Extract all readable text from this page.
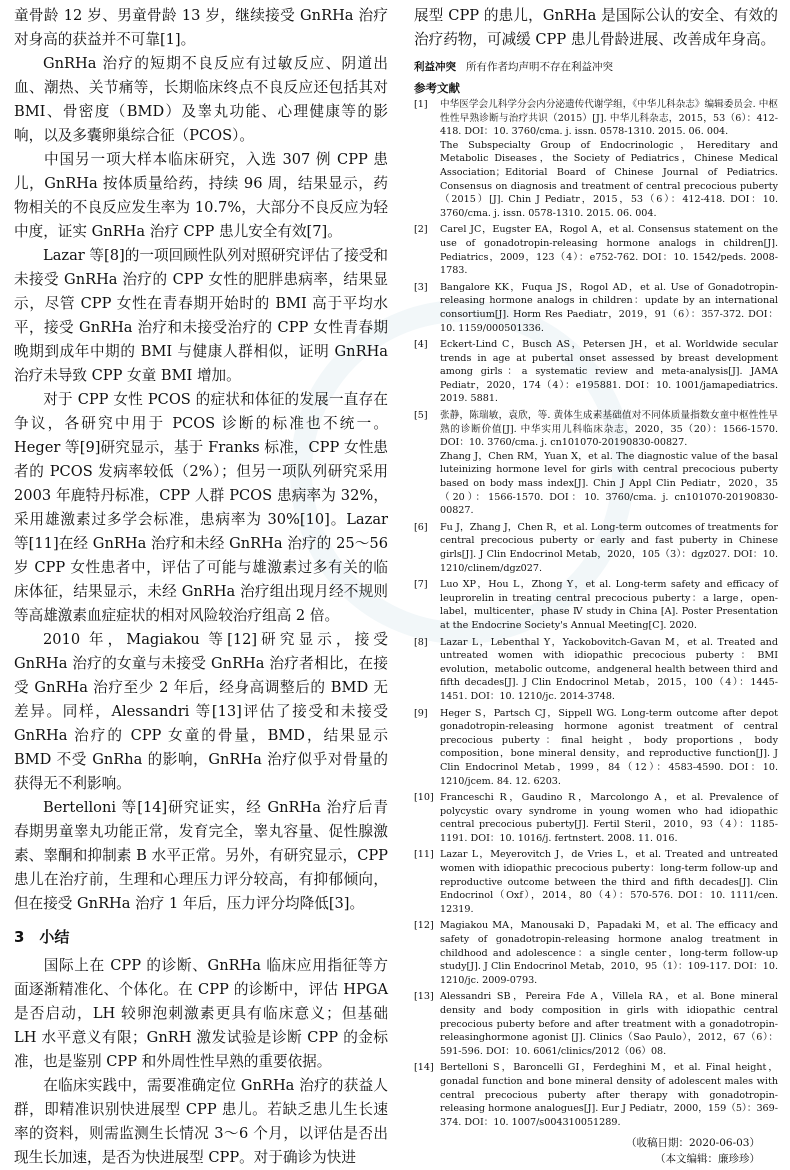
童骨龄 12 岁、男童骨龄 13 岁，继续接受 GnRHa 治疗对身高的获益并不可靠[1]。

GnRHa 治疗的短期不良反应有过敏反应、阴道出血、潮热、关节痛等，长期临床终点不良反应还包括其对 BMI、骨密度（BMD）及睾丸功能、心理健康等的影响，以及多囊卵巢综合征（PCOS）。

中国另一项大样本临床研究，入选 307 例 CPP 患儿，GnRHa 按体质量给药，持续 96 周，结果显示，药物相关的不良反应发生率为 10.7%，大部分不良反应为轻中度，证实 GnRHa 治疗 CPP 患儿安全有效[7]。

Lazar 等[8]的一项回顾性队列对照研究评估了接受和未接受 GnRHa 治疗的 CPP 女性的肥胖患病率，结果显示，尽管 CPP 女性在青春期开始时的 BMI 高于平均水平，接受 GnRHa 治疗和未接受治疗的 CPP 女性青春期晚期到成年中期的 BMI 与健康人群相似，证明 GnRHa 治疗未导致 CPP 女童 BMI 增加。

对于 CPP 女性 PCOS 的症状和体征的发展一直存在争议，各研究中用于 PCOS 诊断的标准也不统一。Heger 等[9]研究显示，基于 Franks 标准，CPP 女性患者的 PCOS 发病率较低（2%）；但另一项队列研究采用 2003 年鹿特丹标准，CPP 人群 PCOS 患病率为 32%，采用雄激素过多学会标准，患病率为 30%[10]。Lazar 等[11]在经 GnRHa 治疗和未经 GnRHa 治疗的 25～56 岁 CPP 女性患者中，评估了可能与雄激素过多有关的临床体征，结果显示，未经 GnRHa 治疗组出现月经不规则等高雄激素血症症状的相对风险较治疗组高 2 倍。

2010 年，Magiakou 等[12]研究显示，接受 GnRHa 治疗的女童与未接受 GnRHa 治疗者相比，在接受 GnRHa 治疗至少 2 年后，经身高调整后的 BMD 无差异。同样，Alessandri 等[13]评估了接受和未接受 GnRHa 治疗的 CPP 女童的骨量，BMD，结果显示 BMD 不受 GnRha 的影响，GnRHa 治疗似乎对骨量的获得无不利影响。

Bertelloni 等[14]研究证实，经 GnRHa 治疗后青春期男童睾丸功能正常，发育完全，睾丸容量、促性腺激素、睾酮和抑制素 B 水平正常。另外，有研究显示，CPP 患儿在治疗前，生理和心理压力评分较高，有抑郁倾向，但在接受 GnRHa 治疗 1 年后，压力评分均降低[3]。

3　小结

国际上在 CPP 的诊断、GnRHa 临床应用指征等方面逐渐精准化、个体化。在 CPP 的诊断中，评估 HPGA 是否启动，LH 较卵泡刺激素更具有临床意义；但基础 LH 水平意义有限；GnRH 激发试验是诊断 CPP 的金标准，也是鉴别 CPP 和外周性性早熟的重要依据。

在临床实践中，需要准确定位 GnRHa 治疗的获益人群，即精准识别快进展型 CPP 患儿。若缺乏患儿生长速率的资料，则需监测生长情况 3～6 个月，以评估是否出现生长加速，是否为快进展型 CPP。对于确诊为快进

展型 CPP 的患儿，GnRHa 是国际公认的安全、有效的治疗药物，可减缓 CPP 患儿骨龄进展、改善成年身高。

利益冲突 所有作者均声明不存在利益冲突
参考文献
[1]	中华医学会儿科学分会内分泌遗传代谢学组，《中华儿科杂志》编辑委员会. 中枢性性早熟诊断与治疗共识（2015）[J]. 中华儿科杂志，2015，53（6）：412-418. DOI：10. 3760/cma. j. issn. 0578-1310. 2015. 06. 004.

The Subspecialty Group of Endocrinologic，Hereditary and Metabolic Diseases，the Society of Pediatrics，Chinese Medical Association；Editorial Board of Chinese Journal of Pediatrics. Consensus on diagnosis and treatment of central precocious puberty（2015）[J]. Chin J Pediatr，2015，53（6）：412-418. DOI：10. 3760/cma. j. issn. 0578-1310. 2015. 06. 004.

[2]	Carel JC，Eugster EA，Rogol A，et al. Consensus statement on the use of gonadotropin-releasing hormone analogs in children[J]. Pediatrics，2009，123（4）：e752-762. DOI：10. 1542/peds. 2008-1783.

[3]	Bangalore KK，Fuqua JS，Rogol AD，et al. Use of Gonadotropin-releasing hormone analogs in children：update by an international consortium[J]. Horm Res Paediatr，2019，91（6）：357-372. DOI：10. 1159/000501336.

[4]	Eckert-Lind C，Busch AS，Petersen JH，et al. Worldwide secular trends in age at pubertal onset assessed by breast development among girls：a systematic review and meta-analysis[J]. JAMA Pediatr，2020，174（4）：e195881. DOI：10. 1001/jamapediatrics. 2019. 5881.

[5]	张静，陈瑞敏，袁欣，等. 黄体生成素基础值对不同体质量指数女童中枢性性早熟的诊断价值[J]. 中华实用儿科临床杂志，2020，35（20）：1566-1570. DOI：10. 3760/cma. j. cn101070-20190830-00827.

Zhang J，Chen RM，Yuan X，et al. The diagnostic value of the basal luteinizing hormone level for girls with central precocious puberty based on body mass index[J]. Chin J Appl Clin Pediatr，2020，35（20）：1566-1570. DOI：10. 3760/cma. j. cn101070-20190830-00827.

[6]	Fu J，Zhang J，Chen R，et al. Long-term outcomes of treatments for central precocious puberty or early and fast puberty in Chinese girls[J]. J Clin Endocrinol Metab，2020，105（3）：dgz027. DOI：10. 1210/clinem/dgz027.

[7]	Luo XP，Hou L，Zhong Y，et al. Long-term safety and efficacy of leuprorelin in treating central precocious puberty：a large，open-label，multicenter，phase Ⅳ study in China [A]. Poster Presentation at the Endocrine Society's Annual Meeting[C]. 2020.

[8]	Lazar L，Lebenthal Y，Yackobovitch-Gavan M，et al. Treated and untreated women with idiopathic precocious puberty：BMI evolution，metabolic outcome，andgeneral health between third and fifth decades[J]. J Clin Endocrinol Metab，2015，100（4）：1445-1451. DOI：10. 1210/jc. 2014-3748.

[9]	Heger S，Partsch CJ，Sippell WG. Long-term outcome after depot gonadotropin-releasing hormone agonist treatment of central precocious puberty：final height，body proportions，body composition，bone mineral density，and reproductive function[J]. J Clin Endocrinol Metab，1999，84（12）：4583-4590. DOI：10. 1210/jcem. 84. 12. 6203.

[10] Franceschi R，Gaudino R，Marcolongo A，et al. Prevalence of polycystic ovary syndrome in young women who had idiopathic central precocious puberty[J]. Fertil Steril，2010，93（4）：1185-1191. DOI：10. 1016/j. fertnstert. 2008. 11. 016.

[11] Lazar L，Meyerovitch J，de Vries L，et al. Treated and untreated women with idiopathic precocious puberty：long-term follow-up and reproductive outcome between the third and fifth decades[J]. Clin Endocrinol（Oxf），2014，80（4）：570-576. DOI：10. 1111/cen. 12319.

[12] Magiakou MA，Manousaki D，Papadaki M，et al. The efficacy and safety of gonadotropin-releasing hormone analog treatment in childhood and adolescence：a single center，long-term follow-up study[J]. J Clin Endocrinol Metab，2010，95（1）：109-117. DOI：10. 1210/jc. 2009-0793.

[13] Alessandri SB，Pereira Fde A，Villela RA，et al. Bone mineral density and body composition in girls with idiopathic central precocious puberty before and after treatment with a gonadotropin-releasinghormone agonist [J]. Clinics（Sao Paulo），2012，67（6）：591-596. DOI：10. 6061/clinics/2012（06）08.

[14] Bertelloni S，Baroncelli GI，Ferdeghini M，et al. Final height，gonadal function and bone mineral density of adolescent males with central precocious puberty after therapy with gonadotropin-releasing hormone analogues[J]. Eur J Pediatr，2000，159（5）：369-374. DOI：10. 1007/s004310051289.

（收稿日期：2020-06-03）
（本文编辑：廉珍珍）
